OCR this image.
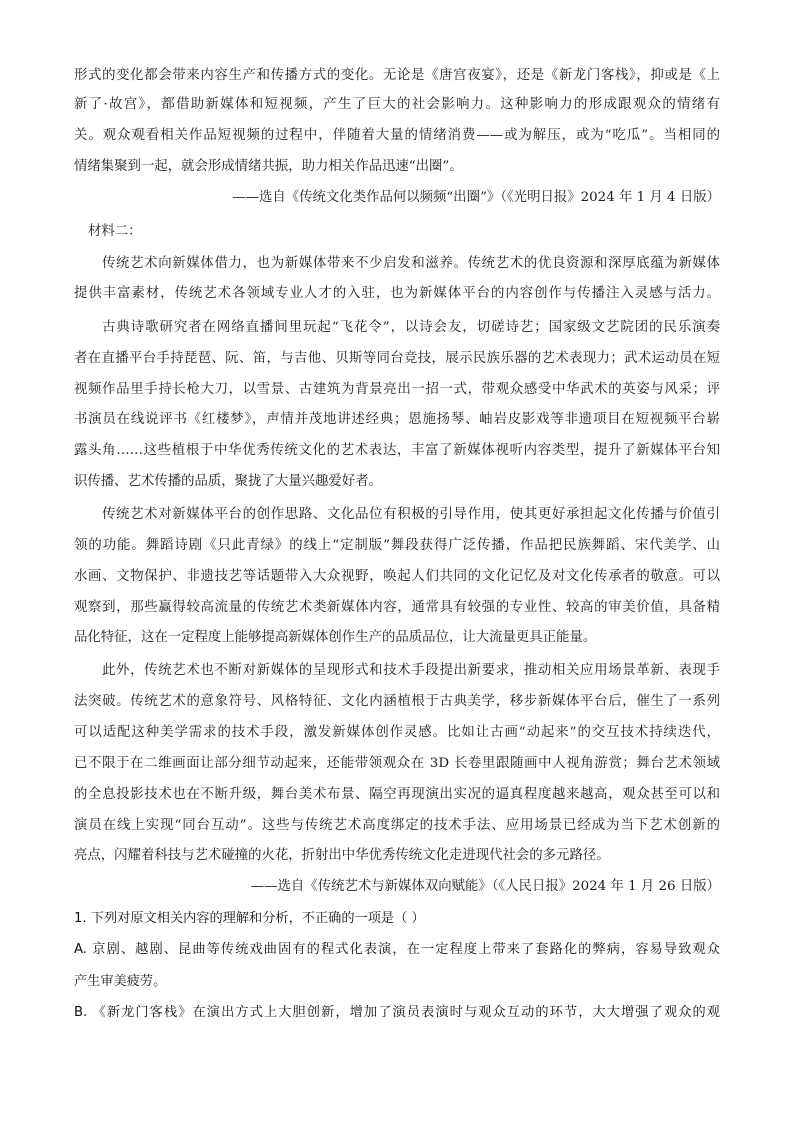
形式的变化都会带来内容生产和传播方式的变化。无论是《唐宫夜宴》，还是《新龙门客栈》，抑或是《上

新了·故宫》，都借助新媒体和短视频，产生了巨大的社会影响力。这种影响力的形成跟观众的情绪有

关。观众观看相关作品短视频的过程中，伴随着大量的情绪消费——或为解压，或为“吃瓜”。当相同的

情绪集聚到一起，就会形成情绪共振，助力相关作品迅速“出圈”。

——选自《传统文化类作品何以频频“出圈”》（《光明日报》2024 年 1 月 4 日版）

材料二：

传统艺术向新媒体借力，也为新媒体带来不少启发和滋养。传统艺术的优良资源和深厚底蕴为新媒体

提供丰富素材，传统艺术各领域专业人才的入驻，也为新媒体平台的内容创作与传播注入灵感与活力。

古典诗歌研究者在网络直播间里玩起“飞花令”，以诗会友，切磋诗艺；国家级文艺院团的民乐演奏

者在直播平台手持琵琶、阮、笛，与吉他、贝斯等同台竞技，展示民族乐器的艺术表现力；武术运动员在短

视频作品里手持长枪大刀，以雪景、古建筑为背景亮出一招一式，带观众感受中华武术的英姿与风采；评

书演员在线说评书《红楼梦》，声情并茂地讲述经典；恩施扬琴、岫岩皮影戏等非遗项目在短视频平台崭

露头角……这些植根于中华优秀传统文化的艺术表达，丰富了新媒体视听内容类型，提升了新媒体平台知

识传播、艺术传播的品质，聚拢了大量兴趣爱好者。

传统艺术对新媒体平台的创作思路、文化品位有积极的引导作用，使其更好承担起文化传播与价值引

领的功能。舞蹈诗剧《只此青绿》的线上“定制版”舞段获得广泛传播，作品把民族舞蹈、宋代美学、山

水画、文物保护、非遗技艺等话题带入大众视野，唤起人们共同的文化记忆及对文化传承者的敬意。可以

观察到，那些赢得较高流量的传统艺术类新媒体内容，通常具有较强的专业性、较高的审美价值，具备精

品化特征，这在一定程度上能够提高新媒体创作生产的品质品位，让大流量更具正能量。

此外，传统艺术也不断对新媒体的呈现形式和技术手段提出新要求，推动相关应用场景革新、表现手

法突破。传统艺术的意象符号、风格特征、文化内涵植根于古典美学，移步新媒体平台后，催生了一系列

可以适配这种美学需求的技术手段，激发新媒体创作灵感。比如让古画“动起来”的交互技术持续迭代，

已不限于在二维画面让部分细节动起来，还能带领观众在 3D 长卷里跟随画中人视角游赏；舞台艺术领域

的全息投影技术也在不断升级，舞台美术布景、隔空再现演出实况的逼真程度越来越高，观众甚至可以和

演员在线上实现“同台互动”。这些与传统艺术高度绑定的技术手法、应用场景已经成为当下艺术创新的

亮点，闪耀着科技与艺术碰撞的火花，折射出中华优秀传统文化走进现代社会的多元路径。

——选自《传统艺术与新媒体双向赋能》（《人民日报》2024 年 1 月 26 日版）

1. 下列对原文相关内容的理解和分析，不正确的一项是（ ）

A. 京剧、越剧、昆曲等传统戏曲固有的程式化表演，在一定程度上带来了套路化的弊病，容易导致观众

产生审美疲劳。

B. 《新龙门客栈》在演出方式上大胆创新，增加了演员表演时与观众互动的环节，大大增强了观众的观
